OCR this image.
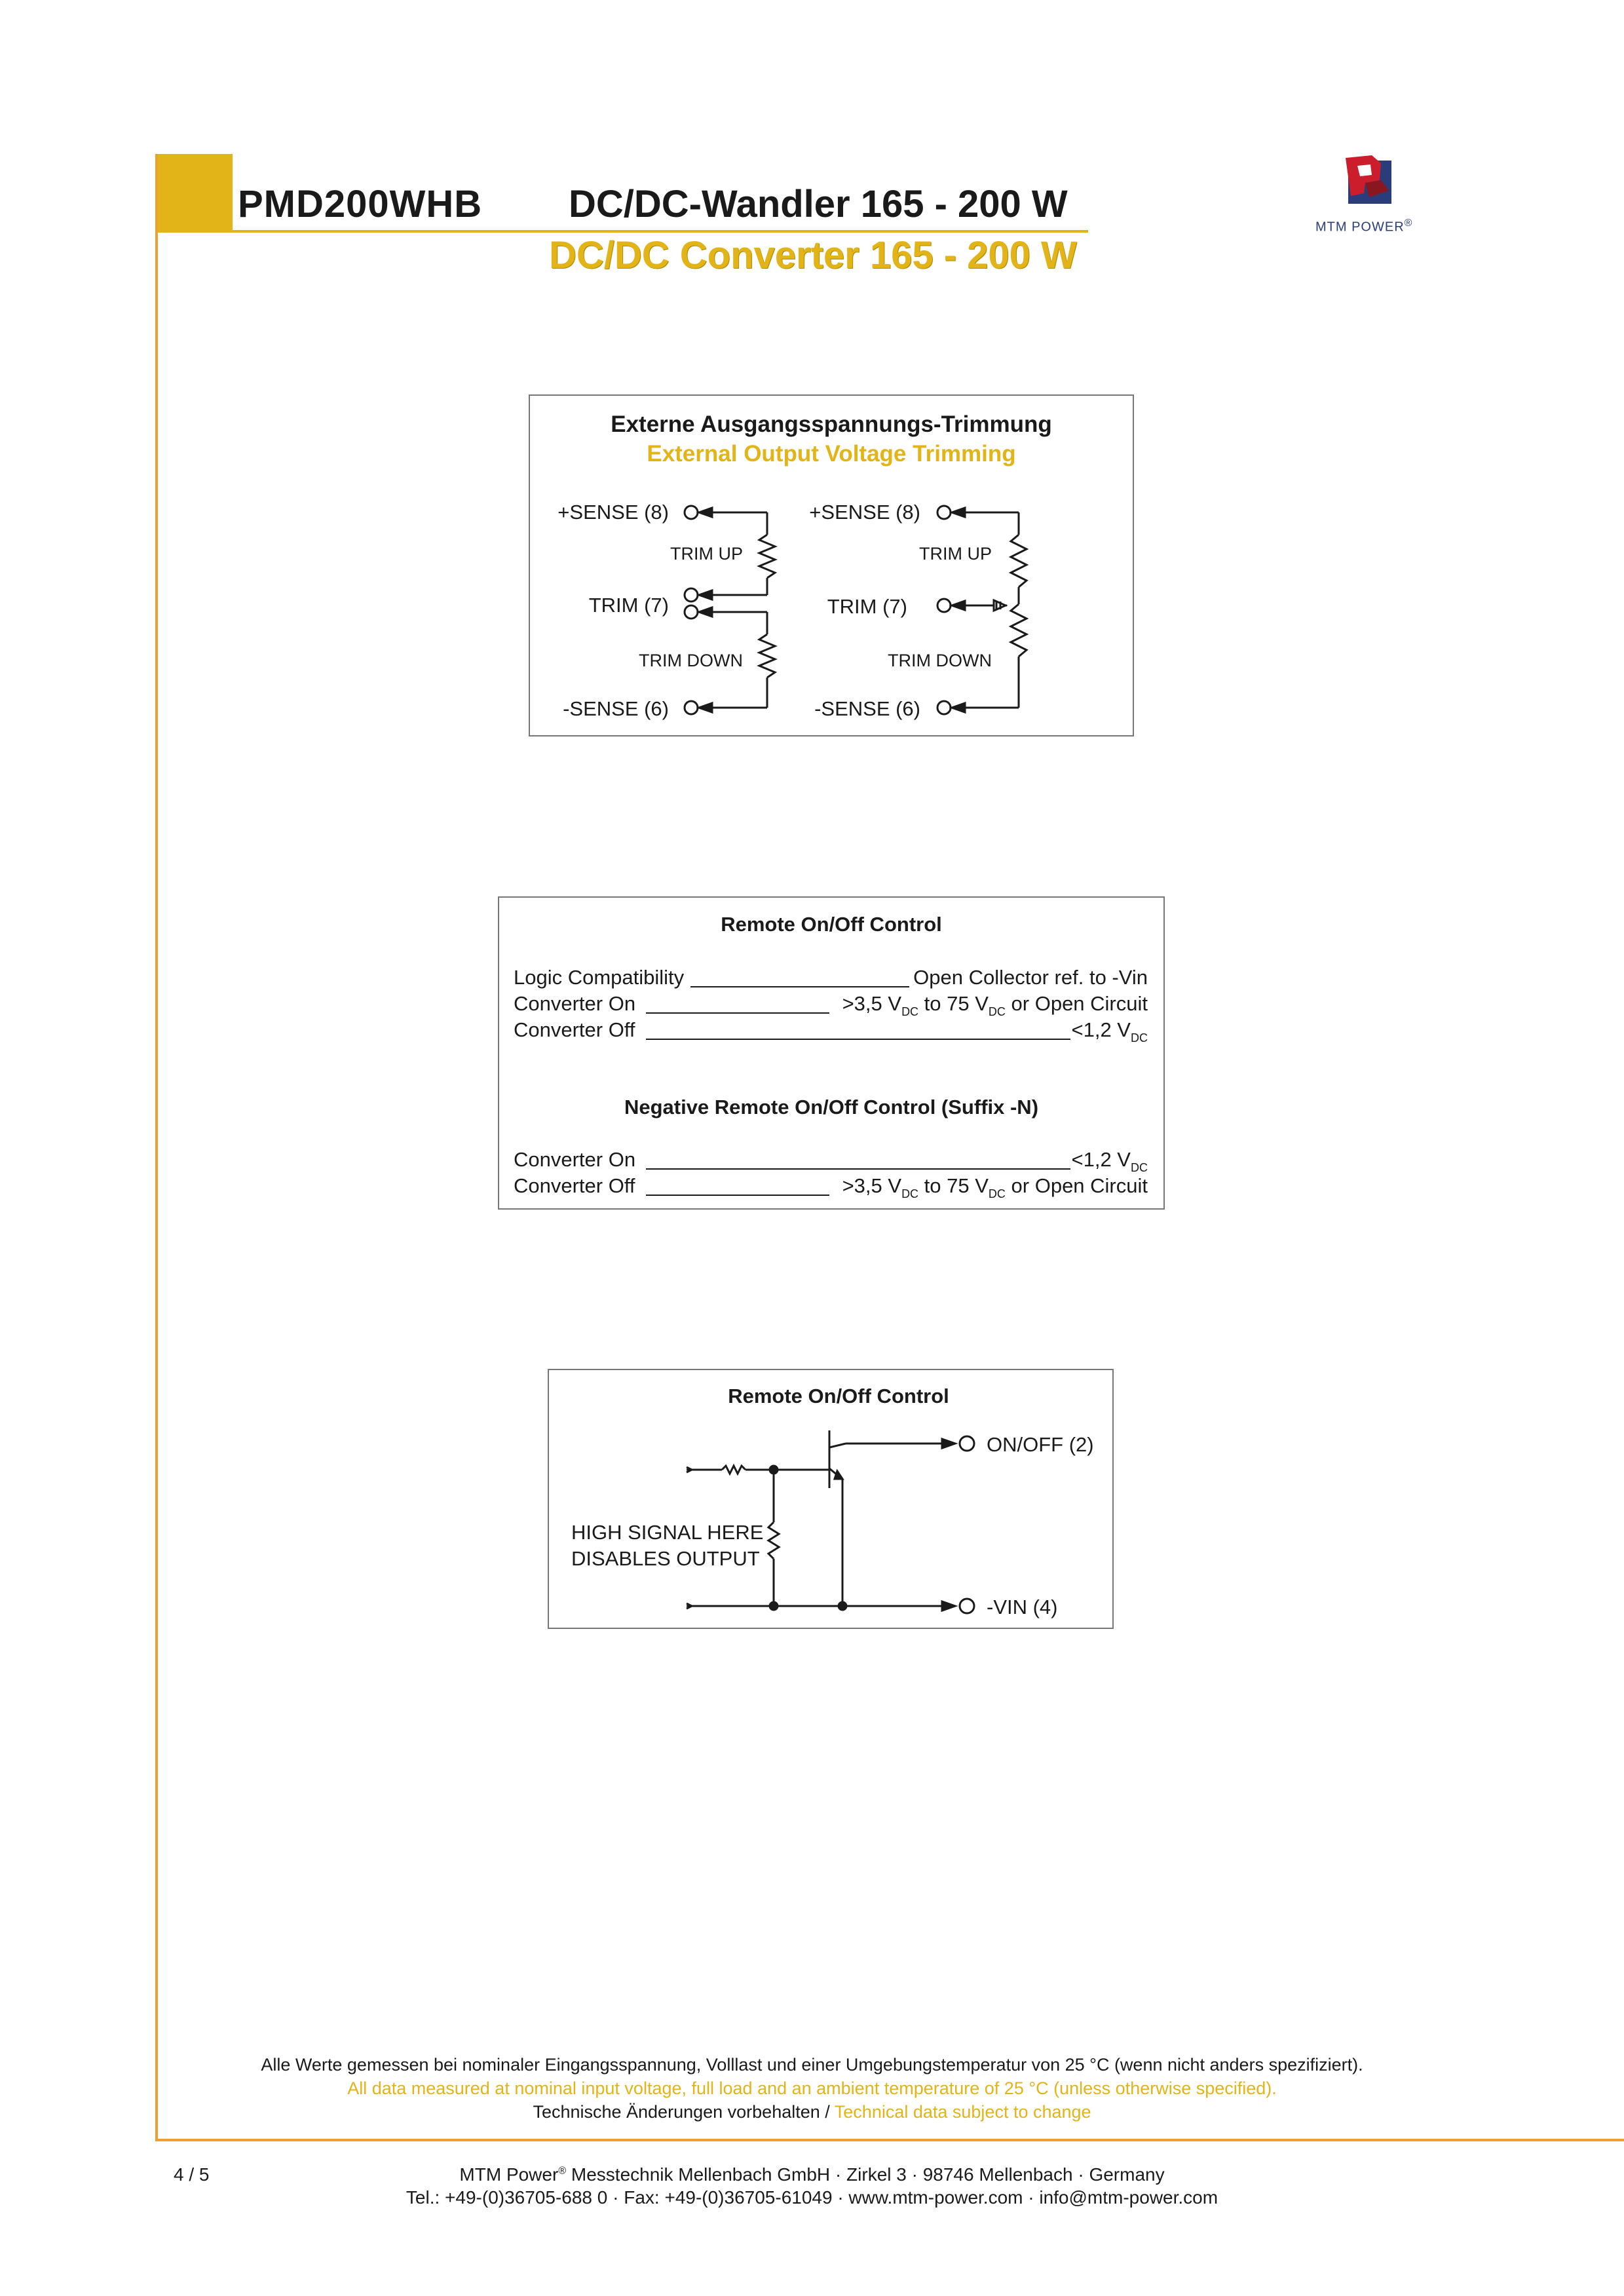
PMD200WHB DC/DC-Wandler 165 - 200 W
DC/DC Converter 165 - 200 W
MTM POWER®
Externe Ausgangsspannungs-Trimmung
External Output Voltage Trimming
+SENSE (8)
TRIM UP
TRIM (7)
TRIM DOWN
-SENSE (6)
+SENSE (8)
TRIM UP
TRIM (7)
TRIM DOWN
-SENSE (6)
Remote On/Off Control
Logic Compatibility	Open Collector ref. to -Vin
Converter On	>3,5 $V_{DC}$ to 75 $V_{DC}$ or Open Circuit
Converter Off	<1,2 $V_{DC}$
Negative Remote On/Off Control (Suffix -N)
Converter On	<1,2 $V_{DC}$
Converter Off	>3,5 $V_{DC}$ to 75 $V_{DC}$ or Open Circuit
Remote On/Off Control
ON/OFF (2)
-VIN (4)
HIGH SIGNAL HERE
DISABLES OUTPUT
Alle Werte gemessen bei nominaler Eingangsspannung, Volllast und einer Umgebungstemperatur von 25 °C (wenn nicht anders spezifiziert).
All data measured at nominal input voltage, full load and an ambient temperature of 25 °C (unless otherwise specified).
Technische Änderungen vorbehalten / Technical data subject to change
4 / 5	MTM Power® Messtechnik Mellenbach GmbH · Zirkel 3 · 98746 Mellenbach · Germany
Tel.: +49-(0)36705-688 0 · Fax: +49-(0)36705-61049 · www.mtm-power.com · info@mtm-power.com
